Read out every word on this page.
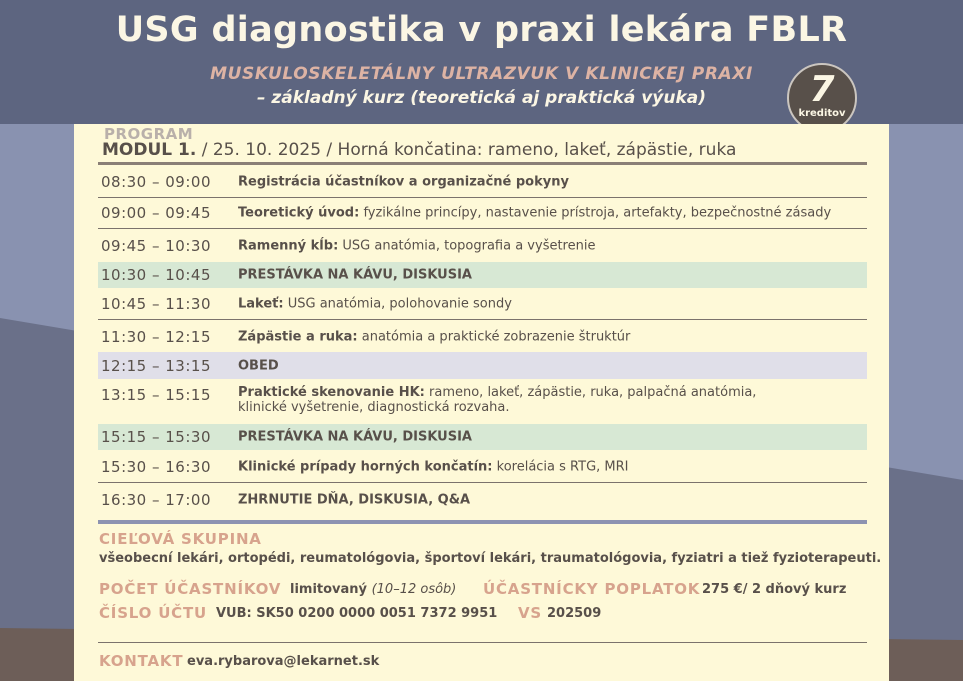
USG diagnostika v praxi lekára FBLR
MUSKULOSKELETÁLNY ULTRAZVUK V KLINICKEJ PRAXI
– základný kurz (teoretická aj praktická výuka)	7
kreditov
PROGRAM
MODUL 1. / 25. 10. 2025 / Horná končatina: rameno, lakeť, zápästie, ruka
08:30 – 09:00 Registrácia účastníkov a organizačné pokyny
09:00 – 09:45 Teoretický úvod: fyzikálne princípy, nastavenie prístroja, artefakty, bezpečnostné zásady
09:45 – 10:30 Ramenný kĺb: USG anatómia, topografia a vyšetrenie
10:30 – 10:45 PRESTÁVKA NA KÁVU, DISKUSIA
10:45 – 11:30 Lakeť: USG anatómia, polohovanie sondy
11:30 – 12:15 Zápästie a ruka: anatómia a praktické zobrazenie štruktúr
12:15 – 13:15 OBED
13:15 – 15:15 Praktické skenovanie HK: rameno, lakeť, zápästie, ruka, palpačná anatómia,
klinické vyšetrenie, diagnostická rozvaha.
15:15 – 15:30 PRESTÁVKA NA KÁVU, DISKUSIA
15:30 – 16:30 Klinické prípady horných končatín: korelácia s RTG, MRI
16:30 – 17:00 ZHRNUTIE DŇA, DISKUSIA, Q&A
CIEĽOVÁ SKUPINA
všeobecní lekári, ortopédi, reumatológovia, športoví lekári, traumatológovia, fyziatri a tiež fyzioterapeuti.
POČET ÚČASTNÍKOV limitovaný (10–12 osôb) ÚČASTNÍCKY POPLATOK 275 €/ 2 dňový kurz
ČÍSLO ÚČTU VUB: SK50 0200 0000 0051 7372 9951 VS 202509
KONTAKT eva.rybarova@lekarnet.sk
